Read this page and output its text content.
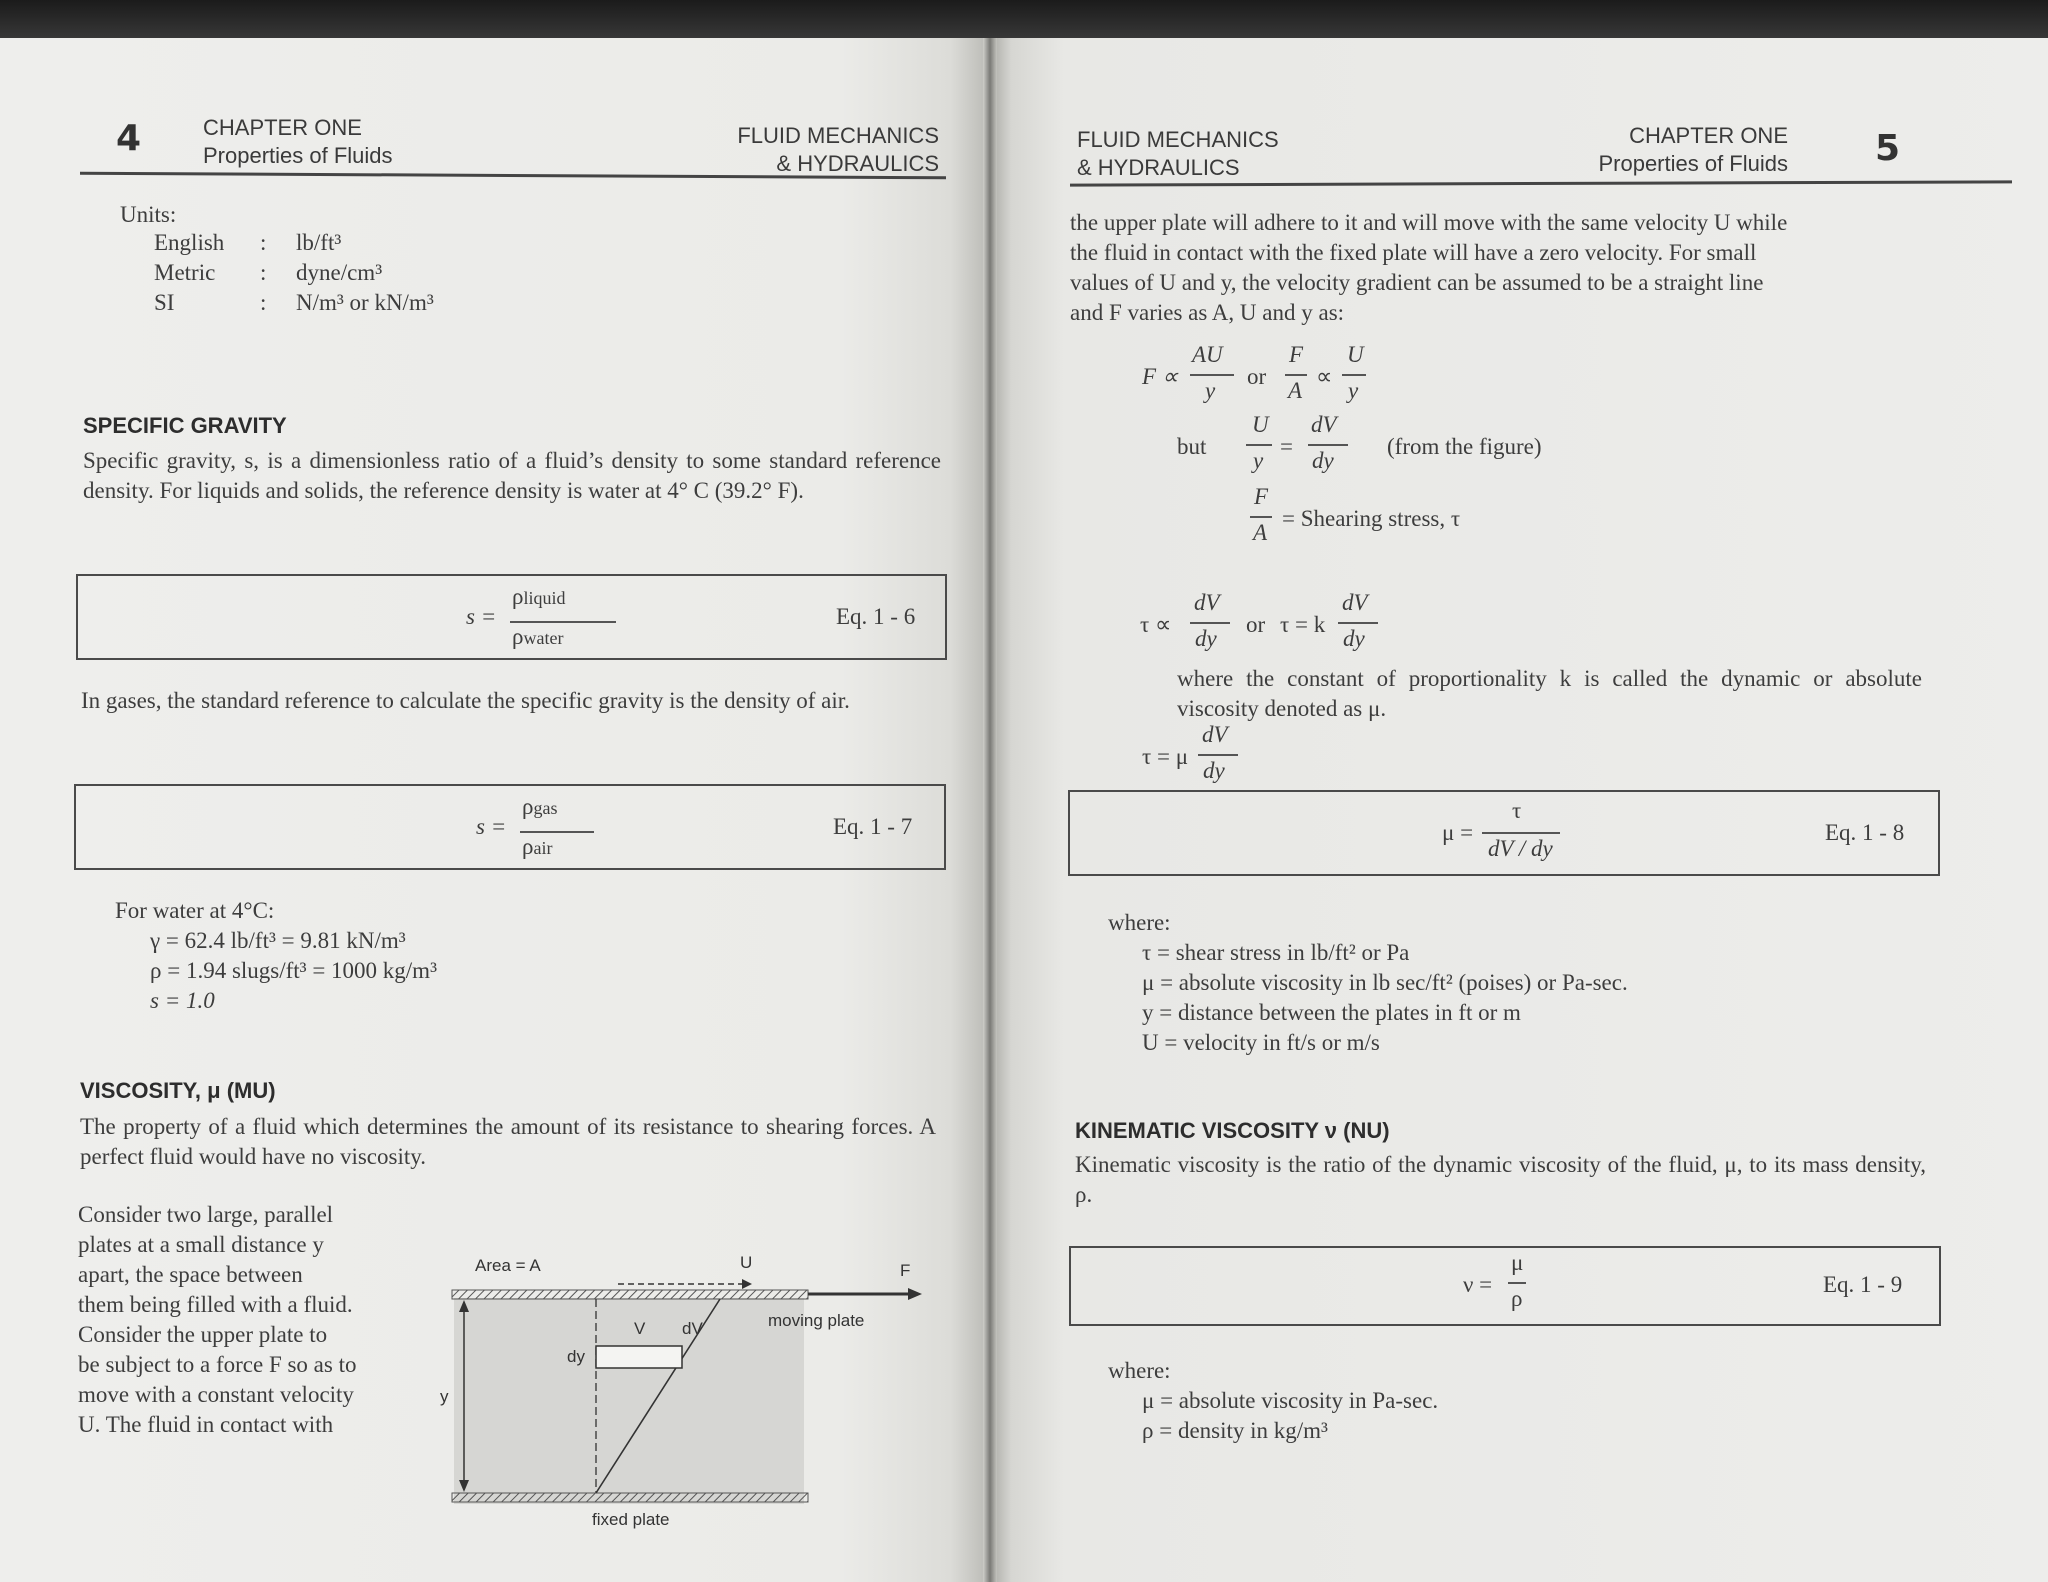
4	CHAPTER ONE
Properties of Fluids
FLUID MECHANICS
& HYDRAULICS
Units:
English : lb/ft³
Metric : dyne/cm³
SI	: N/m³ or kN/m³
SPECIFIC GRAVITY
Specific gravity, s, is a dimensionless ratio of a fluid’s density to some standard reference density. For liquids and solids, the reference density is water at 4° C (39.2° F).
s =
ρliquid
ρwater
Eq. 1 - 6
In gases, the standard reference to calculate the specific gravity is the density of air.
s =
ρgas
ρair
Eq. 1 - 7
For water at 4°C:
γ = 62.4 lb/ft³ = 9.81 kN/m³
ρ = 1.94 slugs/ft³ = 1000 kg/m³
s = 1.0
VISCOSITY, μ (MU)
The property of a fluid which determines the amount of its resistance to shearing forces. A perfect fluid would have no viscosity.
Consider two large, parallel
plates at a small distance y
apart, the space between
them being filled with a fluid.
Consider the upper plate to
be subject to a force F so as to
move with a constant velocity
U. The fluid in contact with
Area = A	U	F
moving plate
fixed plate
V dV
dy
y
FLUID MECHANICS
& HYDRAULICS
CHAPTER ONE
Properties of Fluids 5
the upper plate will adhere to it and will move with the same velocity U while
the fluid in contact with the fixed plate will have a zero velocity. For small
values of U and y, the velocity gradient can be assumed to be a straight line
and F varies as A, U and y as:
F ∝
AU
y
or
F
A
∝
U
y
but
U
y
=
dV
dy
(from the figure)
F
A
= Shearing stress, τ
τ ∝
dV
dy
or τ = k
dV
dy
where the constant of proportionality k is called the dynamic or absolute viscosity denoted as μ.
τ = μ
dV
dy
μ =
τ
dV / dy
Eq. 1 - 8
where:
τ = shear stress in lb/ft² or Pa
μ = absolute viscosity in lb sec/ft² (poises) or Pa-sec.
y = distance between the plates in ft or m
U = velocity in ft/s or m/s
KINEMATIC VISCOSITY ν (NU)
Kinematic viscosity is the ratio of the dynamic viscosity of the fluid, μ, to its mass density, ρ.
ν =
μ
ρ
Eq. 1 - 9
where:
μ = absolute viscosity in Pa-sec.
ρ = density in kg/m³
